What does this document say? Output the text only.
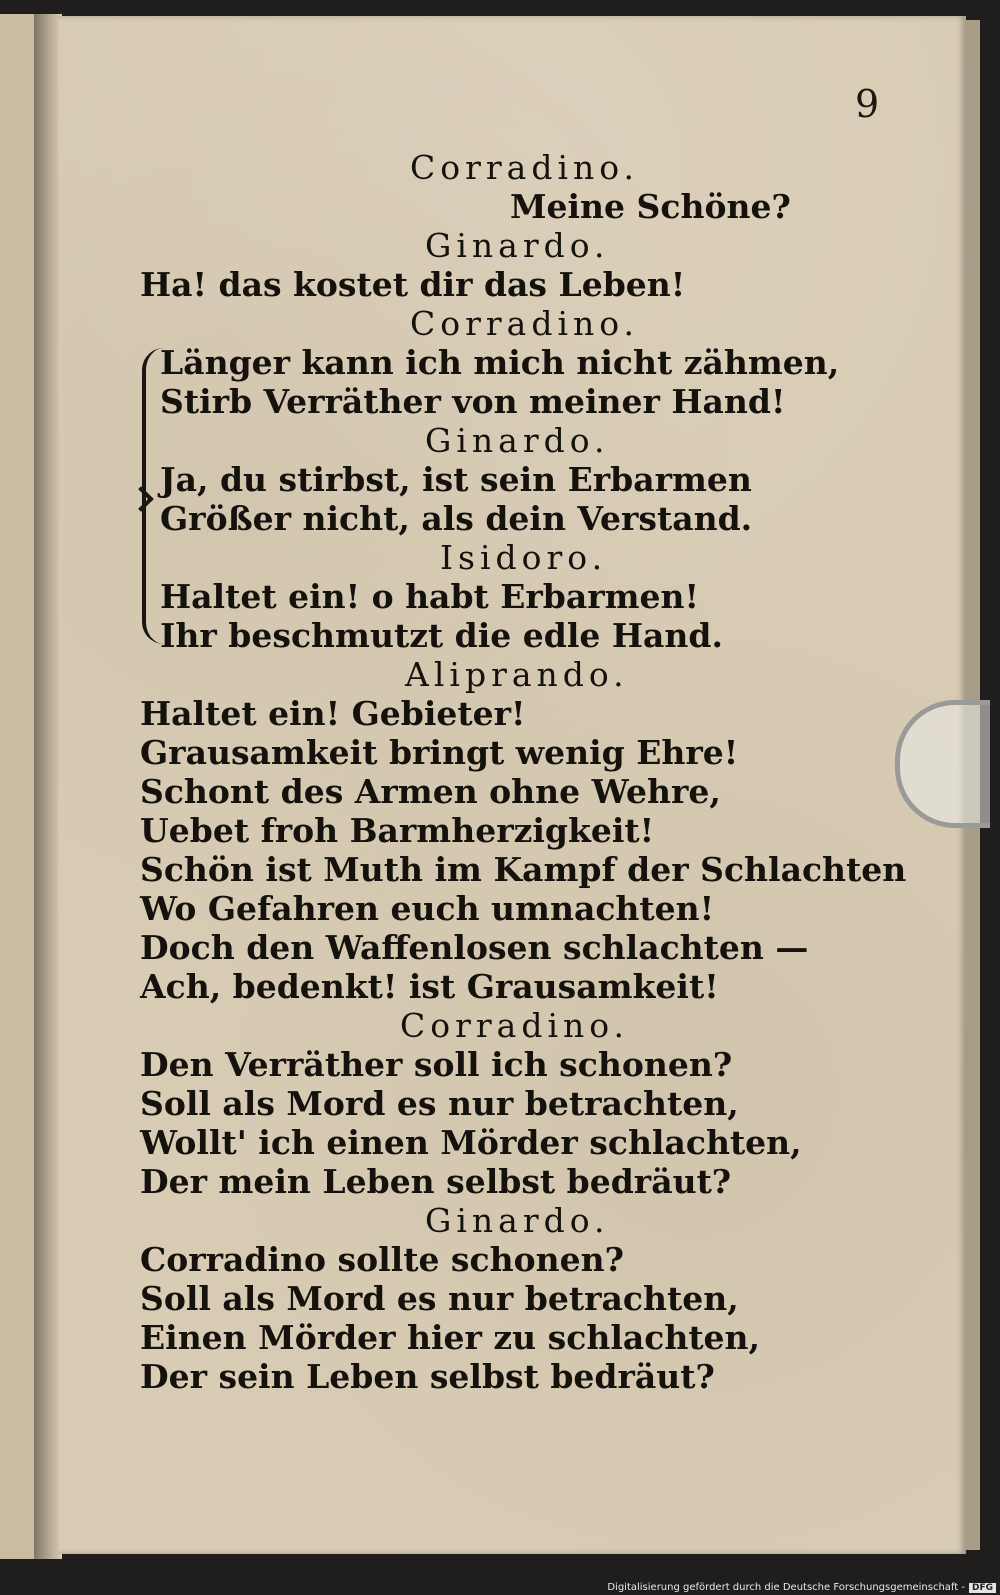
9
Corradino.
Meine Schöne?
Ginardo.
Ha! das kostet dir das Leben!
Corradino.
Länger kann ich mich nicht zähmen,
Stirb Verräther von meiner Hand!
Ginardo.
Ja, du stirbst, ist sein Erbarmen
Größer nicht, als dein Verstand.
Isidoro.
Haltet ein! o habt Erbarmen!
Ihr beschmutzt die edle Hand.
Aliprando.
Haltet ein! Gebieter!
Grausamkeit bringt wenig Ehre!
Schont des Armen ohne Wehre,
Uebet froh Barmherzigkeit!
Schön ist Muth im Kampf der Schlachten
Wo Gefahren euch umnachten!
Doch den Waffenlosen schlachten —
Ach, bedenkt! ist Grausamkeit!
Corradino.
Den Verräther soll ich schonen?
Soll als Mord es nur betrachten,
Wollt' ich einen Mörder schlachten,
Der mein Leben selbst bedräut?
Ginardo.
Corradino sollte schonen?
Soll als Mord es nur betrachten,
Einen Mörder hier zu schlachten,
Der sein Leben selbst bedräut?
Digitalisierung gefördert durch die Deutsche Forschungsgemeinschaft - DFG
